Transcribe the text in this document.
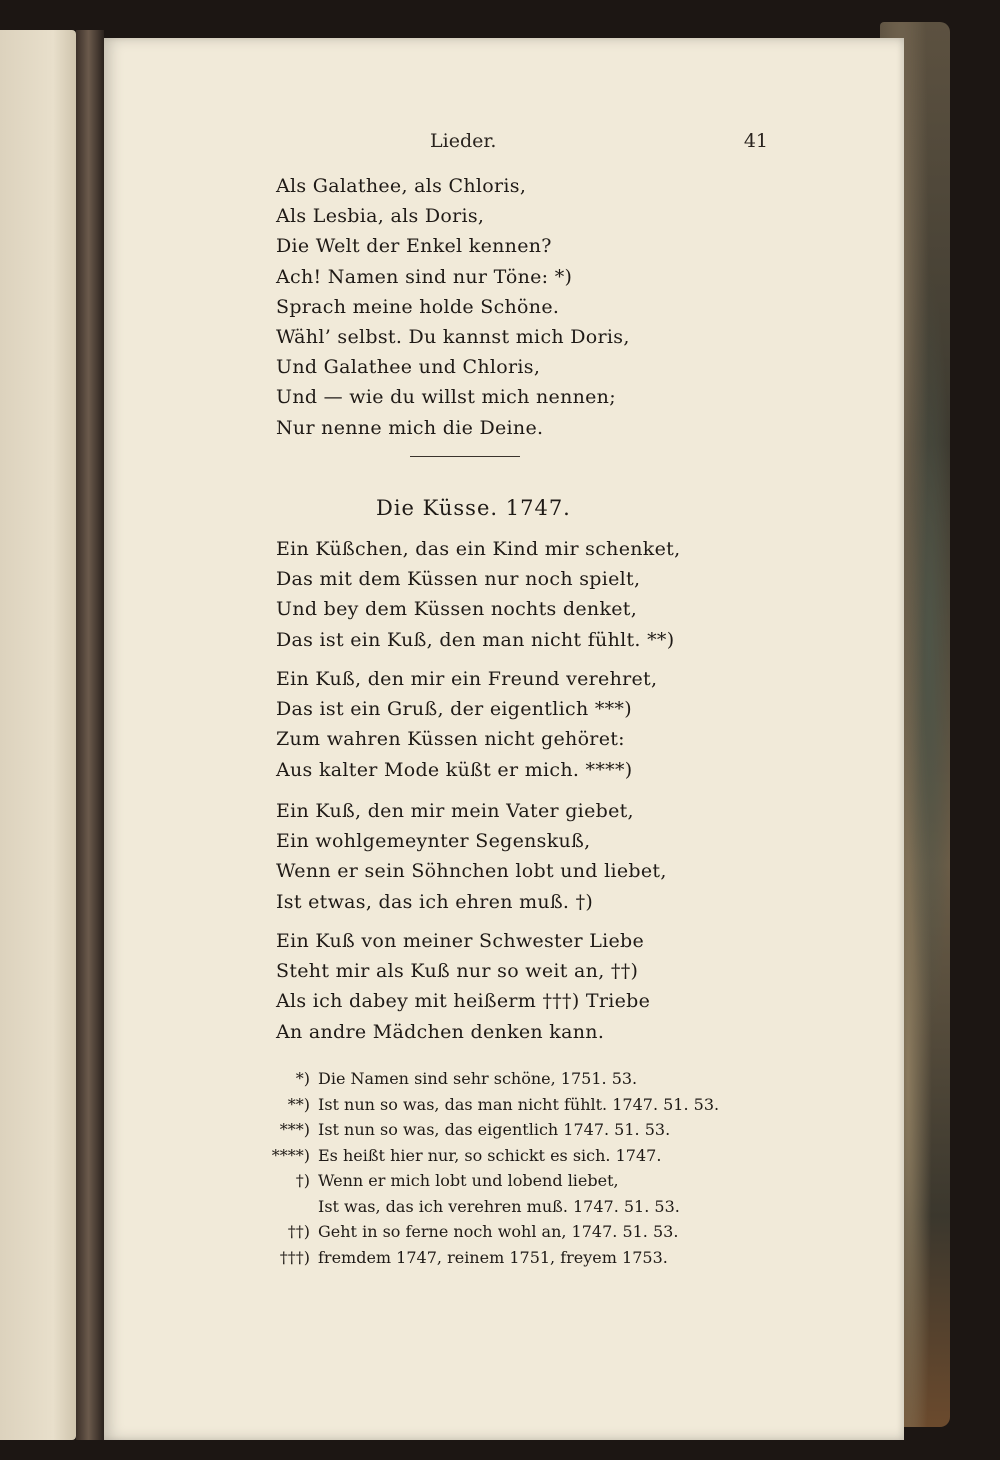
Lieder.	41
Als Galathee, als Chloris,
Als Lesbia, als Doris,
Die Welt der Enkel kennen?
Ach! Namen sind nur Töne: *)
Sprach meine holde Schöne.
Wähl’ selbst. Du kannst mich Doris,
Und Galathee und Chloris,
Und — wie du willst mich nennen;
Nur nenne mich die Deine.
Die Küsse. 1747.
Ein Küßchen, das ein Kind mir schenket,
Das mit dem Küssen nur noch spielt,
Und bey dem Küssen nochts denket,
Das ist ein Kuß, den man nicht fühlt. **)
Ein Kuß, den mir ein Freund verehret,
Das ist ein Gruß, der eigentlich ***)
Zum wahren Küssen nicht gehöret:
Aus kalter Mode küßt er mich. ****)
Ein Kuß, den mir mein Vater giebet,
Ein wohlgemeynter Segenskuß,
Wenn er sein Söhnchen lobt und liebet,
Ist etwas, das ich ehren muß. †)
Ein Kuß von meiner Schwester Liebe
Steht mir als Kuß nur so weit an, ††)
Als ich dabey mit heißerm †††) Triebe
An andre Mädchen denken kann.
*) Die Namen sind sehr schöne, 1751. 53.
**) Ist nun so was, das man nicht fühlt. 1747. 51. 53.
***) Ist nun so was, das eigentlich 1747. 51. 53.
****) Es heißt hier nur, so schickt es sich. 1747.
†) Wenn er mich lobt und lobend liebet,
Ist was, das ich verehren muß. 1747. 51. 53.
††) Geht in so ferne noch wohl an, 1747. 51. 53.
†††) fremdem 1747, reinem 1751, freyem 1753.
